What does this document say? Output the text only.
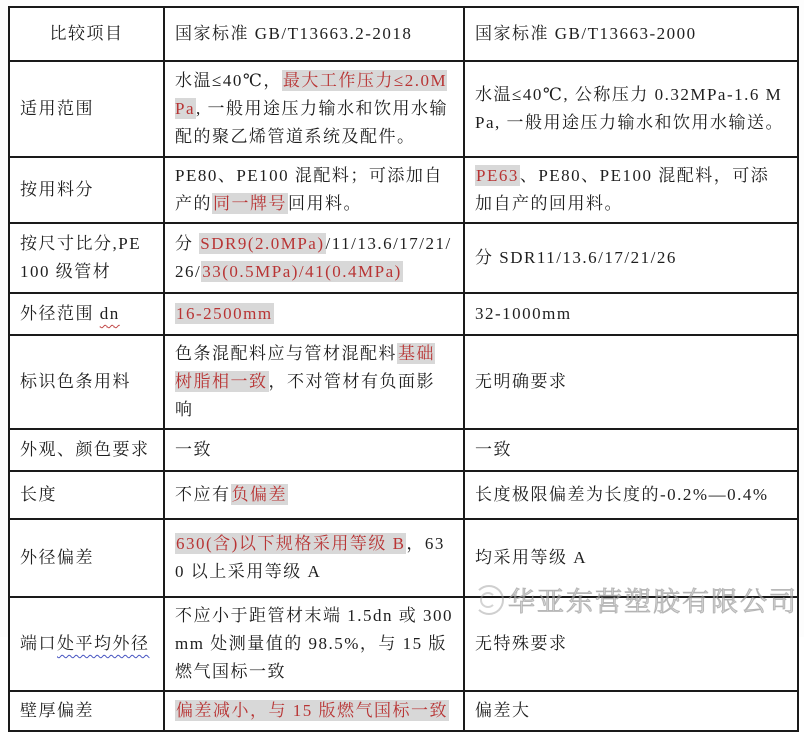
比较项目	国家标准 GB/T13663.2-2018	国家标准 GB/T13663-2000
适用范围	水温≤40℃，最大工作压力≤2.0MPa, 一般用途压力输水和饮用水输配的聚乙烯管道系统及配件。	水温≤40℃, 公称压力 0.32MPa-1.6 MPa, 一般用途压力输水和饮用水输送。
按用料分	PE80、PE100 混配料；可添加自产的同一牌号回用料。	PE63、PE80、PE100 混配料，可添加自产的回用料。
按尺寸比分,PE 100 级管材	分 SDR9(2.0MPa)/11/13.6/17/21/26/33(0.5MPa)/41(0.4MPa)	分 SDR11/13.6/17/21/26
外径范围 dn	16-2500mm	32-1000mm
标识色条用料	色条混配料应与管材混配料基础树脂相一致，不对管材有负面影响	无明确要求
外观、颜色要求	一致	一致
长度	不应有负偏差	长度极限偏差为长度的-0.2%—0.4%
外径偏差	630(含)以下规格采用等级 B，630 以上采用等级 A	均采用等级 A
端口处平均外径	不应小于距管材末端 1.5dn 或 300mm 处测量值的 98.5%，与 15 版燃气国标一致	无特殊要求
壁厚偏差	偏差减小，与 15 版燃气国标一致	偏差大
华亚东营塑胶有限公司
